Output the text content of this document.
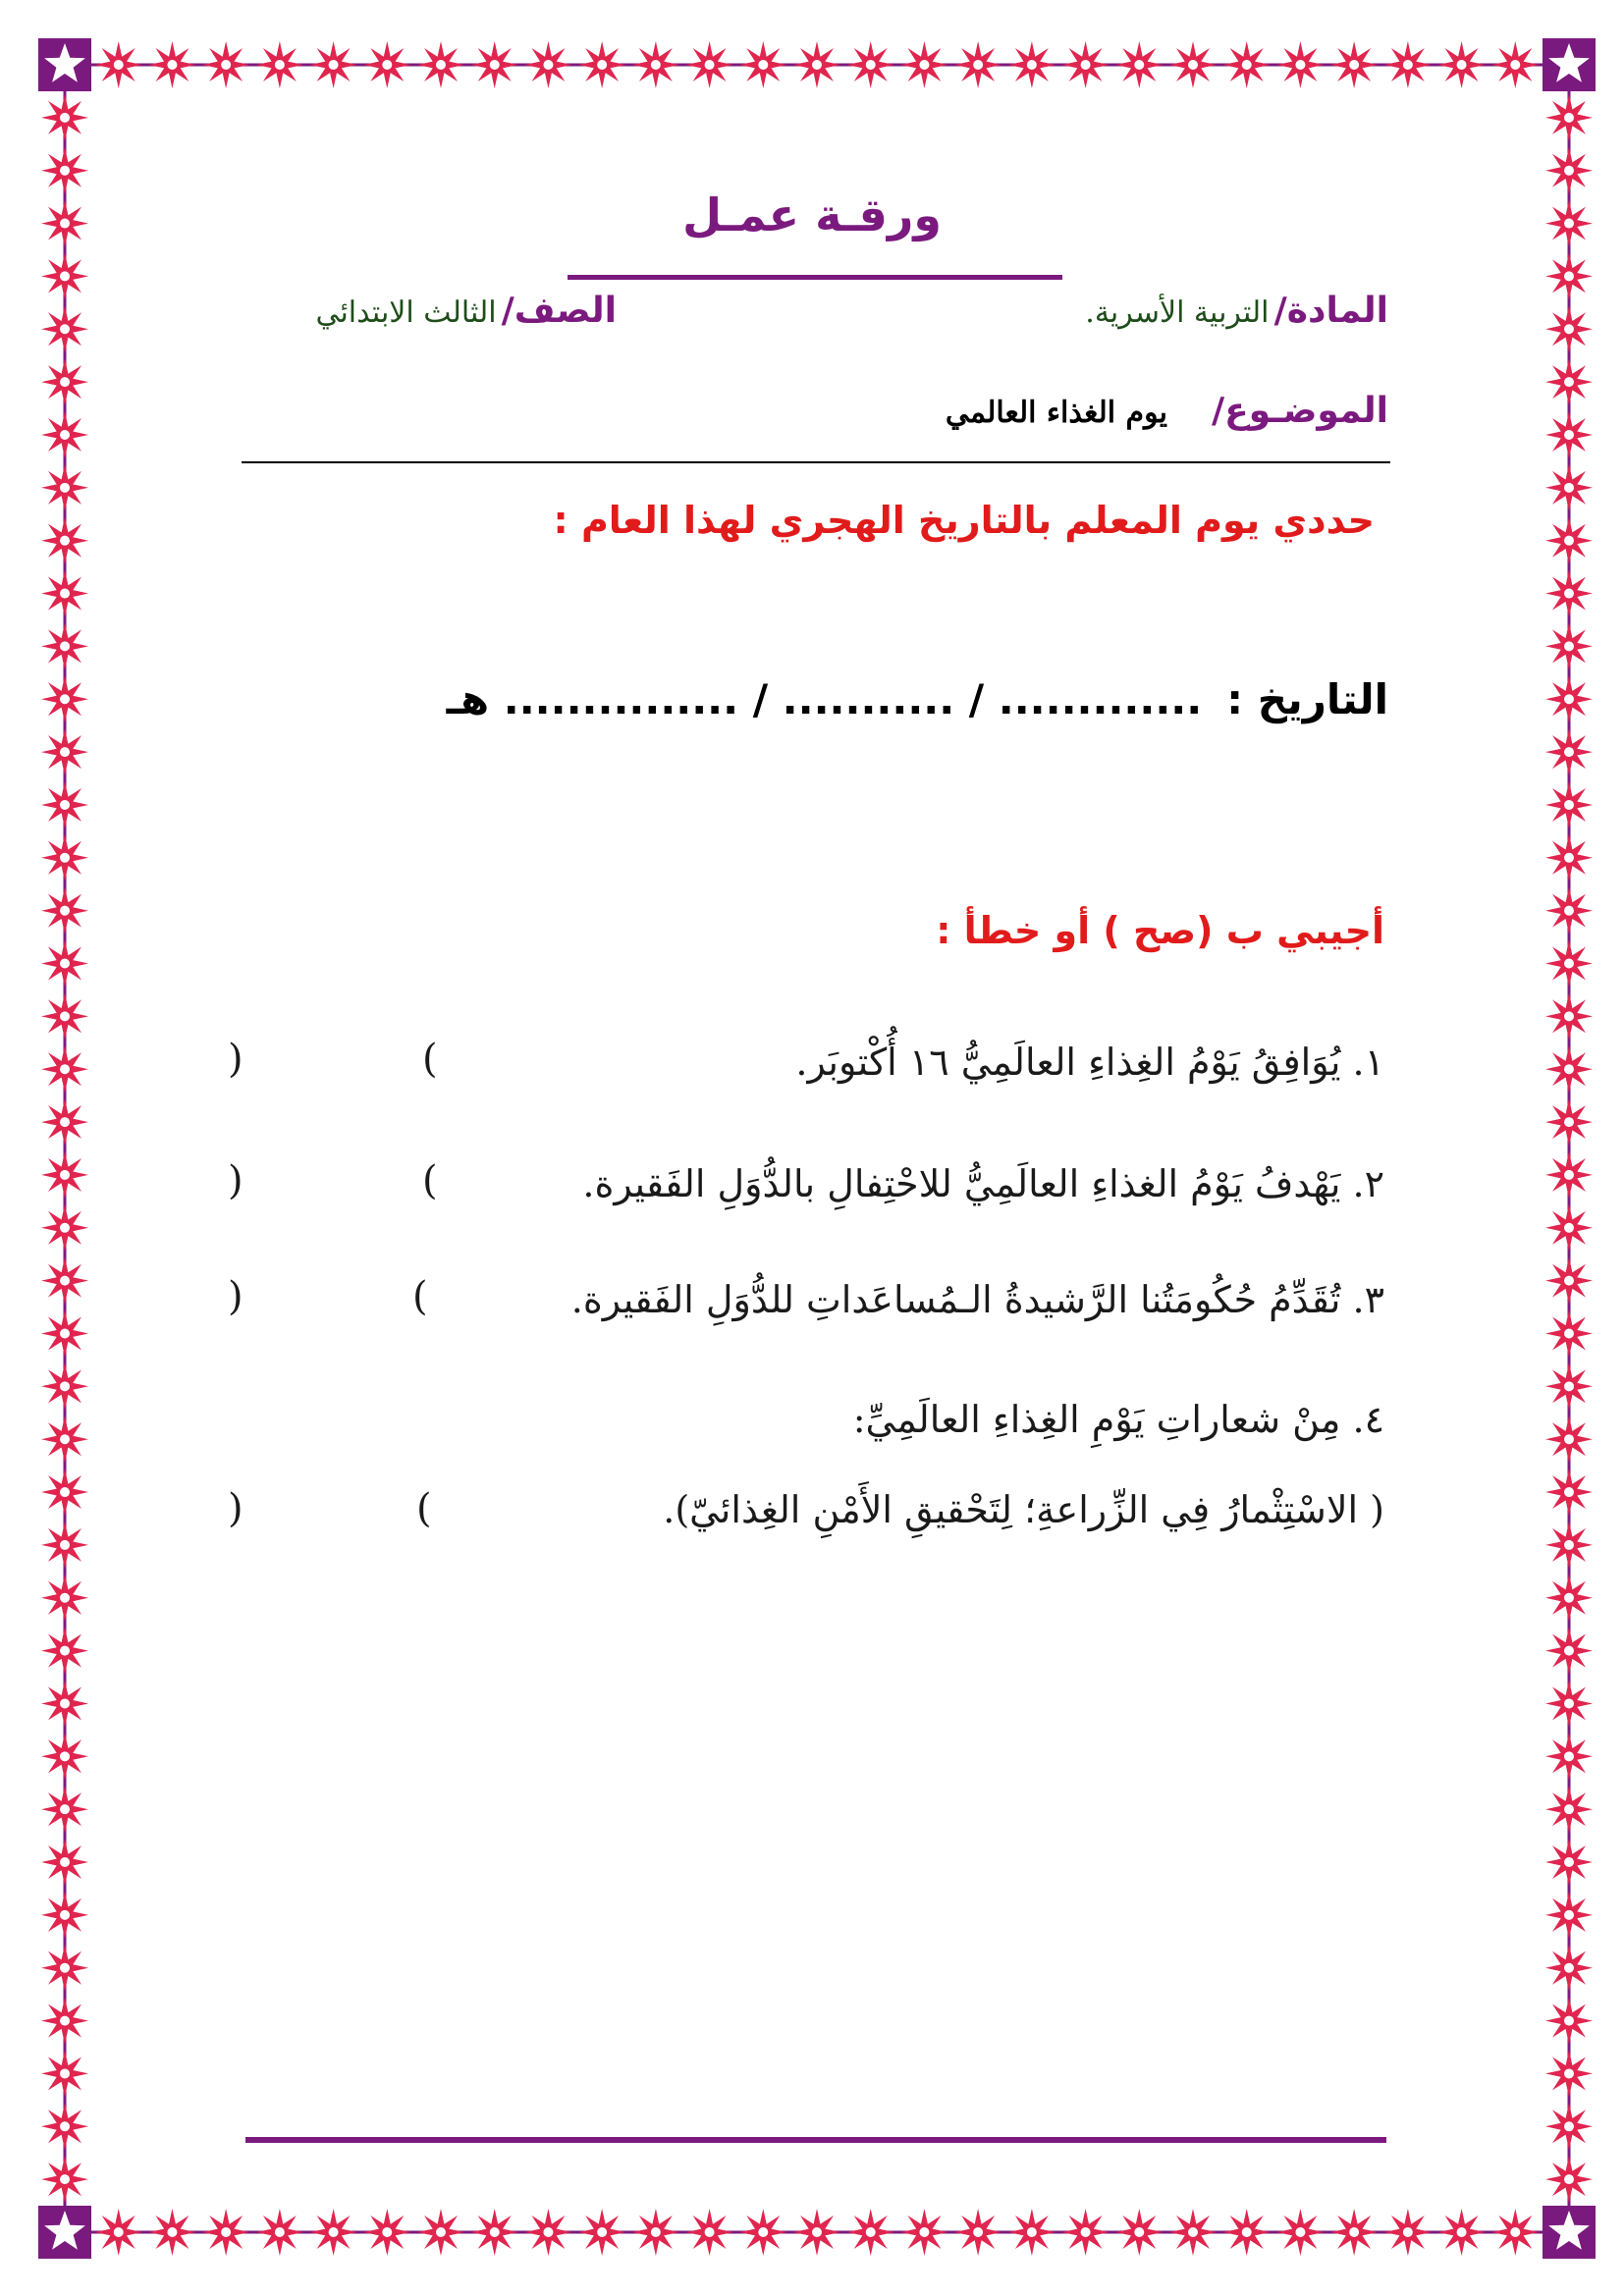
ورقـة عمـل
المادة/ التربية الأسرية.
الصف/ الثالث الابتدائي
الموضـوع/ يوم الغذاء العالمي
حددي يوم المعلم بالتاريخ الهجري لهذا العام :
التاريخ : ............. / ........... / ............... هـ
أجيبي ب (صح ) أو خطأ :
١. يُوَافِقُ يَوْمُ الغِذاءِ العالَمِيُّ ١٦ أُكْتوبَر.
(
)
٢. يَهْدفُ يَوْمُ الغذاءِ العالَمِيُّ للاحْتِفالِ بالدُّوَلِ الفَقيرة.
(
)
٣. تُقَدِّمُ حُكُومَتُنا الرَّشيدةُ الـمُساعَداتِ للدُّوَلِ الفَقيرة.
(
)
٤. مِنْ شعاراتِ يَوْمِ الغِذاءِ العالَمِيِّ:
( الاسْتِثْمارُ فِي الزِّراعةِ؛ لِتَحْقيقِ الأَمْنِ الغِذائيّ).
(
)
